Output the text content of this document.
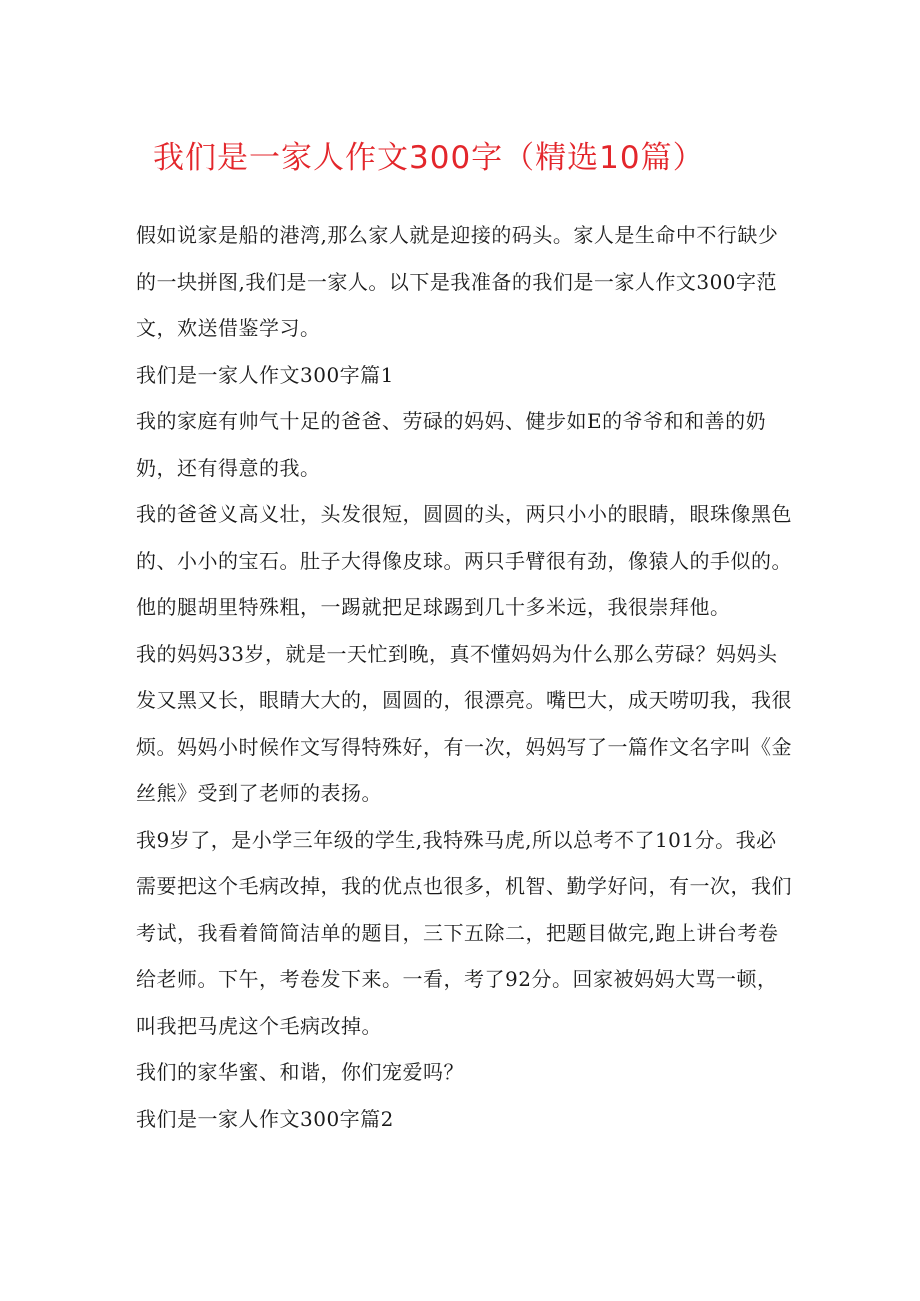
我们是一家人作文300字（精选10篇）

假如说家是船的港湾,那么家人就是迎接的码头。家人是生命中不行缺少的一块拼图,我们是一家人。以下是我准备的我们是一家人作文300字范文，欢送借鉴学习。

我们是一家人作文300字篇1

我的家庭有帅气十足的爸爸、劳碌的妈妈、健步如E的爷爷和和善的奶奶，还有得意的我。

我的爸爸义高义壮，头发很短，圆圆的头，两只小小的眼睛，眼珠像黑色的、小小的宝石。肚子大得像皮球。两只手臂很有劲，像猿人的手似的。他的腿胡里特殊粗，一踢就把足球踢到几十多米远，我很崇拜他。

我的妈妈33岁，就是一天忙到晚，真不懂妈妈为什么那么劳碌？妈妈头发又黑又长，眼睛大大的，圆圆的，很漂亮。嘴巴大，成天唠叨我，我很烦。妈妈小时候作文写得特殊好，有一次，妈妈写了一篇作文名字叫《金丝熊》受到了老师的表扬。

我9岁了，是小学三年级的学生,我特殊马虎,所以总考不了101分。我必需要把这个毛病改掉，我的优点也很多，机智、勤学好问，有一次，我们考试，我看着简简洁单的题目，三下五除二，把题目做完,跑上讲台考卷给老师。下午，考卷发下来。一看，考了92分。回家被妈妈大骂一顿，叫我把马虎这个毛病改掉。

我们的家华蜜、和谐，你们宠爱吗？

我们是一家人作文300字篇2
